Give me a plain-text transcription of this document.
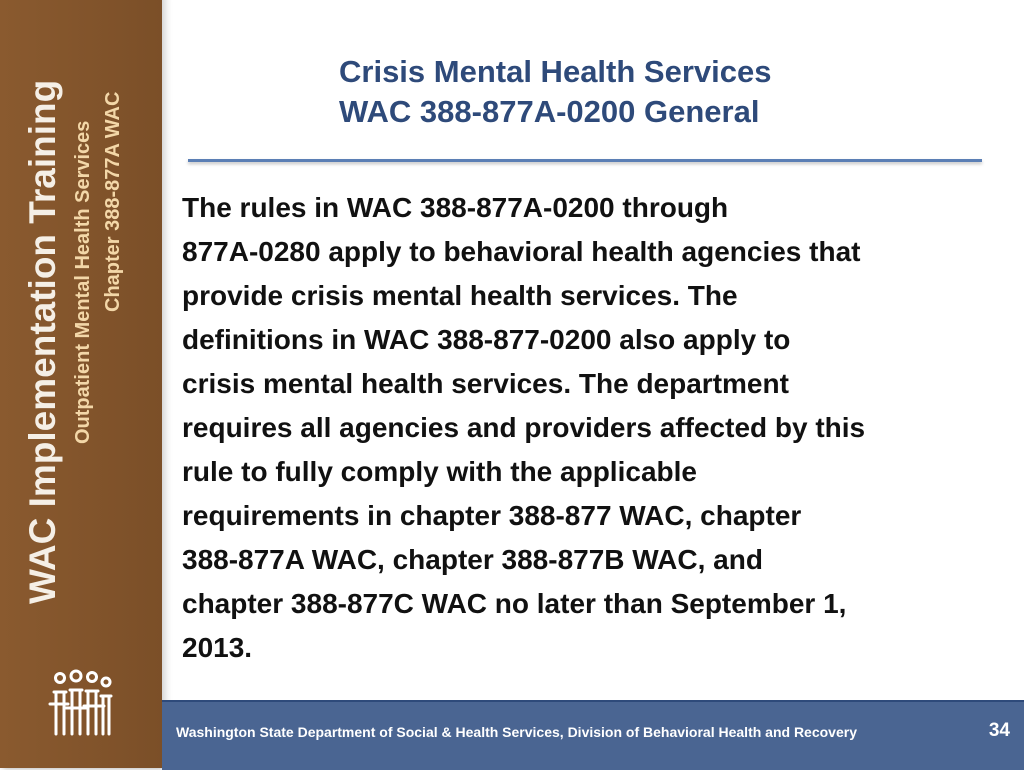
WAC Implementation Training Outpatient Mental Health Services Chapter 388-877A WAC
Crisis Mental Health Services
WAC 388-877A-0200 General
The rules in WAC 388-877A-0200 through
877A-0280 apply to behavioral health agencies that
provide crisis mental health services. The
definitions in WAC 388-877-0200 also apply to
crisis mental health services. The department
requires all agencies and providers affected by this
rule to fully comply with the applicable
requirements in chapter 388-877 WAC, chapter
388-877A WAC, chapter 388-877B WAC, and
chapter 388-877C WAC no later than September 1,
2013.
Washington State Department of Social & Health Services, Division of Behavioral Health and Recovery	34
